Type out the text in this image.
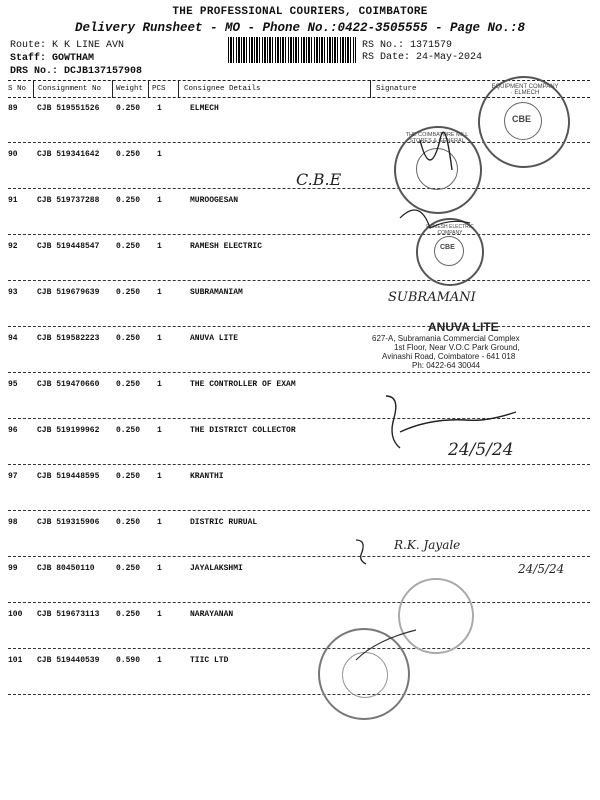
THE PROFESSIONAL COURIERS, COIMBATORE
Delivery Runsheet - MO - Phone No.:0422-3505555 - Page No.:8
Route: K K LINE AVN
Staff: GOWTHAM
DRS No.: DCJB137157908
RS No.: 1371579
RS Date: 24-May-2024
S No Consignment No Weight PCS Consignee Details	Signature
89 CJB 519551526 0.250 1	ELMECH
90 CJB 519341642 0.250 1
91 CJB 519737288 0.250 1	MUROOGESAN
92 CJB 519448547 0.250 1	RAMESH ELECTRIC
93 CJB 519679639 0.250 1	SUBRAMANIAM
94 CJB 519582223 0.250 1	ANUVA LITE
95 CJB 519470660 0.250 1	THE CONTROLLER OF EXAM
96 CJB 519199962 0.250 1	THE DISTRICT COLLECTOR
97 CJB 519448595 0.250 1	KRANTHI
98 CJB 519315906 0.250 1	DISTRIC RURUAL
99 CJB 80450110	0.250 1	JAYALAKSHMI
100 CJB 519673113 0.250 1	NARAYANAN
101 CJB 519440539 0.590 1	TIIC LTD
CBE
EQUIPMENT COMPANY · ELMECH
THE COIMBATORE MILL STORES & GENERAL
CBE
RAMESH ELECTRIC COMPANY
C.B.E
SUBRAMANI
24/5/24
R.K. Jayale
24/5/24
ANUVA LITE
627-A, Subramania Commercial Complex
1st Floor, Near V.O.C Park Ground,
Avinashi Road, Coimbatore - 641 018
Ph: 0422-64 30044
